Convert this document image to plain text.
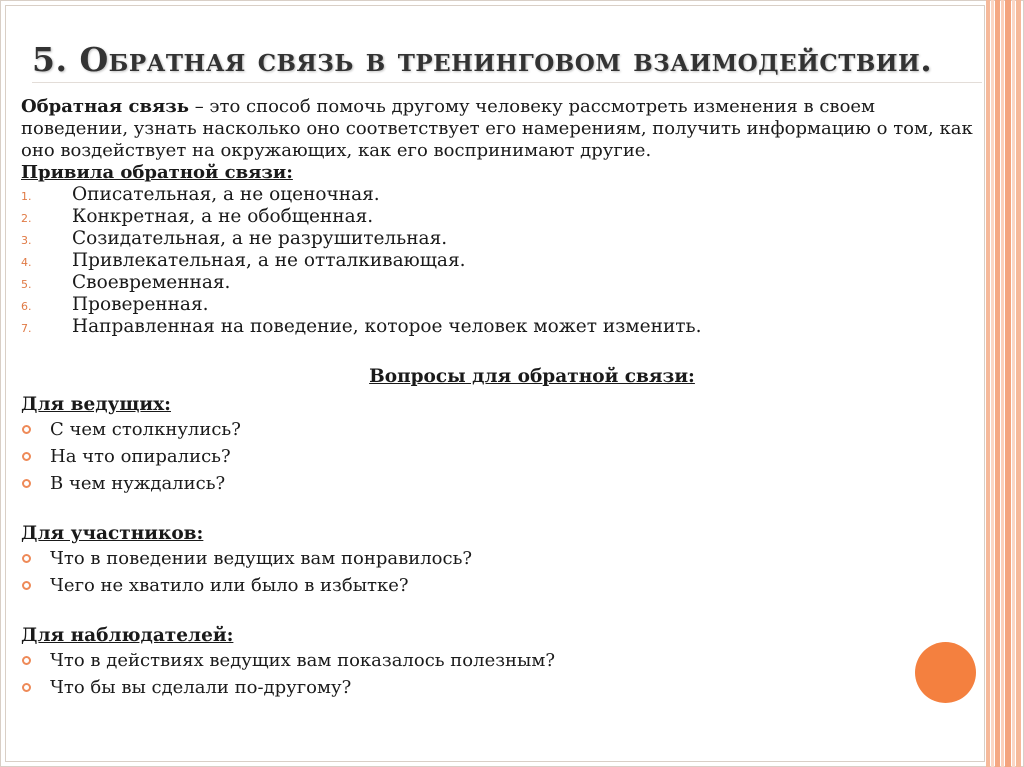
5. Обратная связь в тренинговом взаимодействии.

Обратная связь – это способ помочь другому человеку рассмотреть изменения в своем поведении, узнать насколько оно соответствует его намерениям, получить информацию о том, как оно воздействует на окружающих, как его воспринимают другие.

Привила обратной связи:

1.	Описательная, а не оценочная.
2.	Конкретная, а не обобщенная.
3.	Созидательная, а не разрушительная.
4.	Привлекательная, а не отталкивающая.
5.	Своевременная.
6.	Проверенная.
7.	Направленная на поведение, которое человек может изменить.

Вопросы для обратной связи:

Для ведущих:

С чем столкнулись?
На что опирались?
В чем нуждались?

Для участников:

Что в поведении ведущих вам понравилось?
Чего не хватило или было в избытке?

Для наблюдателей:

Что в действиях ведущих вам показалось полезным?
Что бы вы сделали по-другому?
